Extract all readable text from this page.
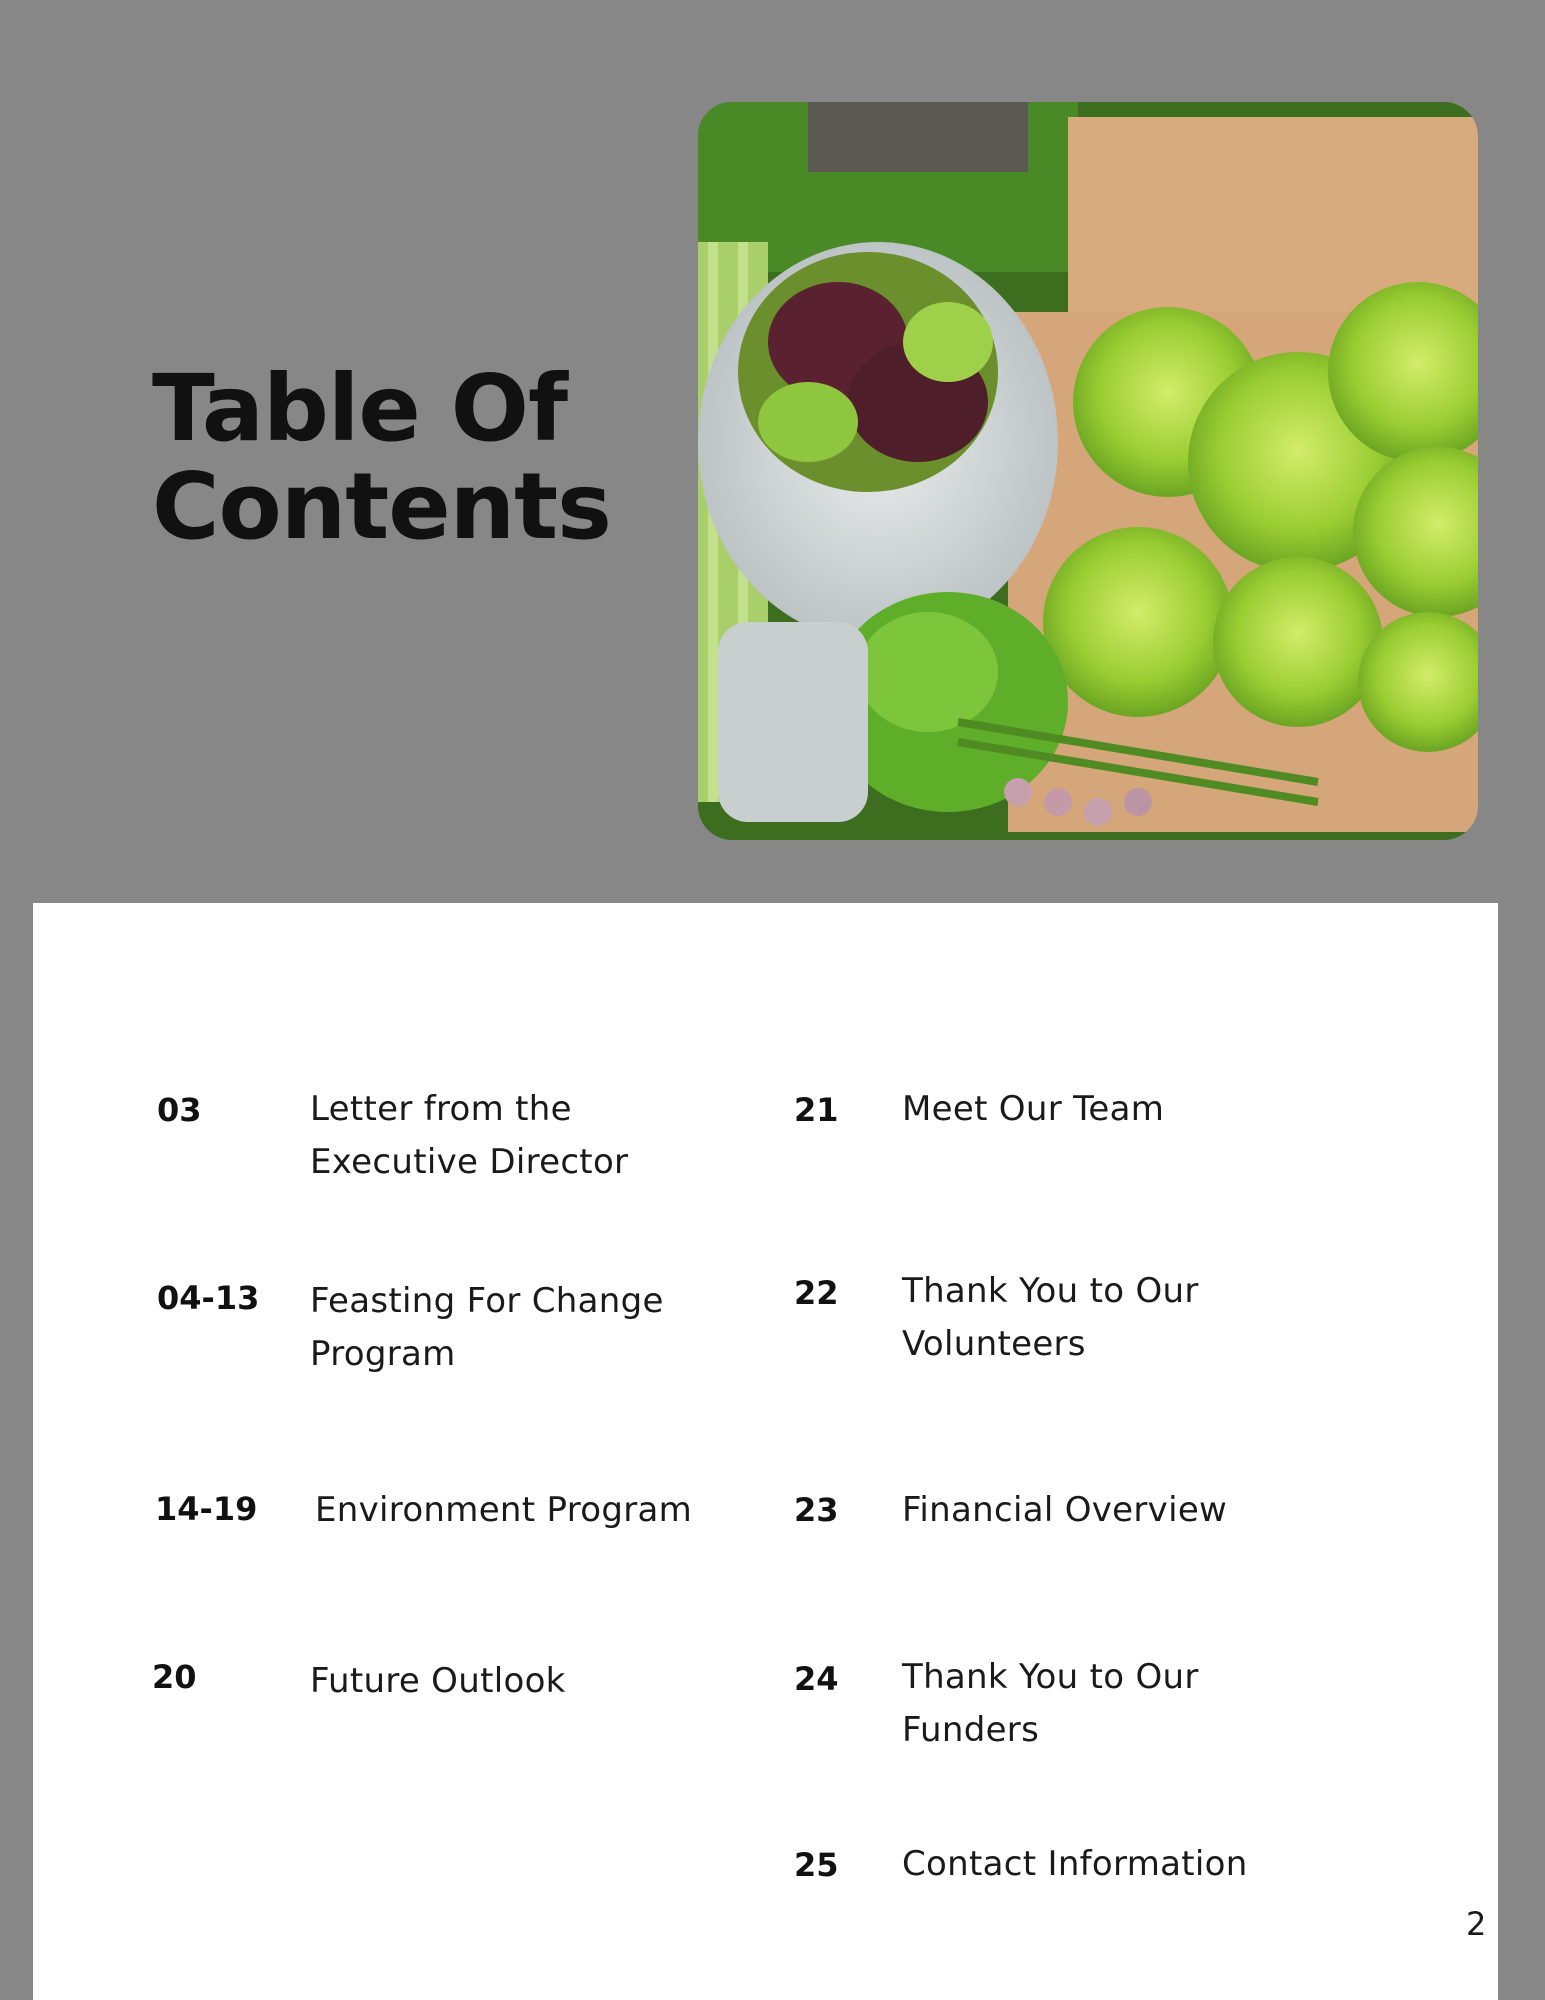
Table Of Contents
03	Letter from the Executive Director
04-13 Feasting For Change Program
14-19 Environment Program
20	Future Outlook
21 Meet Our Team
22 Thank You to Our Volunteers
23 Financial Overview
24 Thank You to Our Funders
25 Contact Information
2
